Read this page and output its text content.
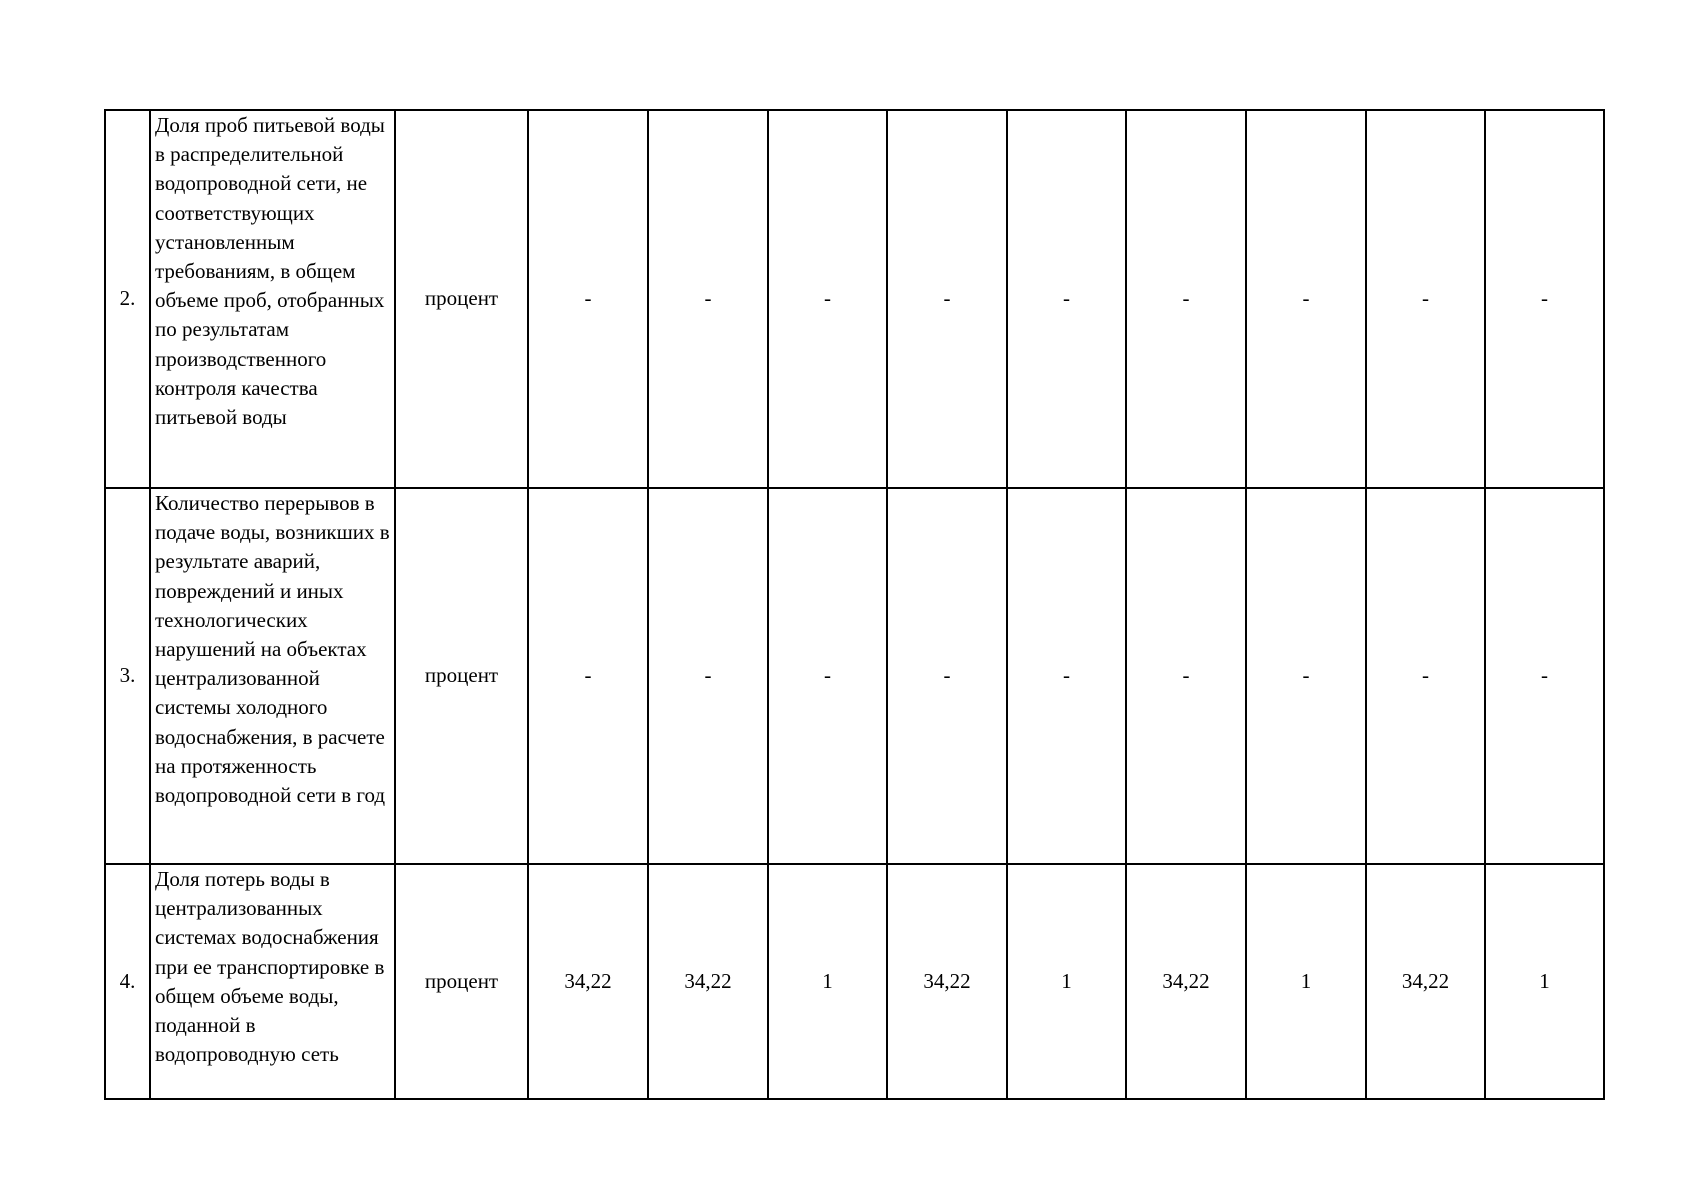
2.	Доля проб питьевой воды в распределительной водопроводной сети, не соответствующих установленным требованиям, в общем объеме проб, отобранных по результатам производственного контроля качества питьевой воды	процент	-	-	-	-	-	-	-	-	-
3.	Количество перерывов в подаче воды, возникших в результате аварий, повреждений и иных технологических нарушений на объектах централизованной системы холодного водоснабжения, в расчете на протяженность водопроводной сети в год	процент	-	-	-	-	-	-	-	-	-
4.	Доля потерь воды в централизованных системах водоснабжения при ее транспортировке в общем объеме воды, поданной в водопроводную сеть	процент	34,22	34,22	1	34,22	1	34,22	1	34,22	1
